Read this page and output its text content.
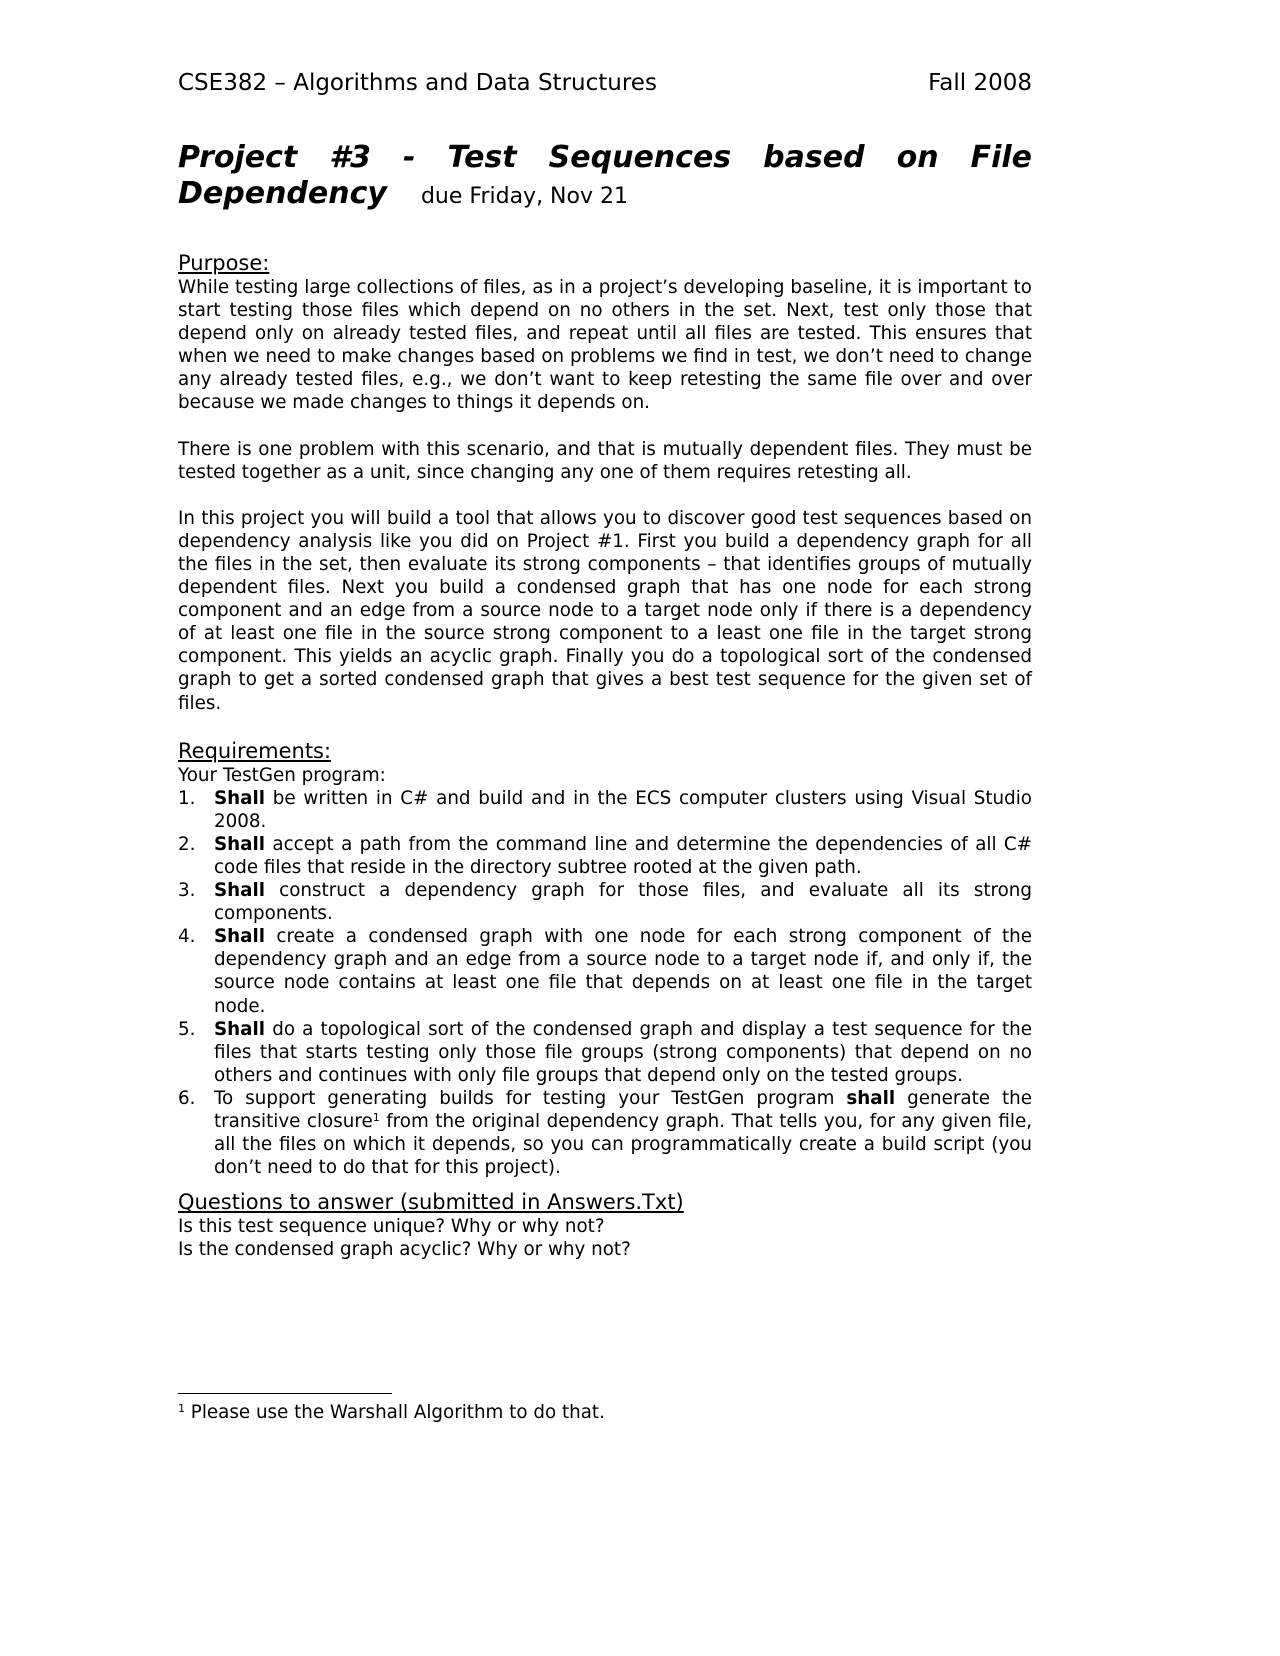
CSE382 – Algorithms and Data Structures	Fall 2008
Project #3 - Test Sequences based on File Dependency due Friday, Nov 21
Purpose:

While testing large collections of files, as in a project’s developing baseline, it is important to start testing those files which depend on no others in the set. Next, test only those that depend only on already tested files, and repeat until all files are tested. This ensures that when we need to make changes based on problems we find in test, we don’t need to change any already tested files, e.g., we don’t want to keep retesting the same file over and over because we made changes to things it depends on.

There is one problem with this scenario, and that is mutually dependent files. They must be tested together as a unit, since changing any one of them requires retesting all.

In this project you will build a tool that allows you to discover good test sequences based on dependency analysis like you did on Project #1. First you build a dependency graph for all the files in the set, then evaluate its strong components – that identifies groups of mutually dependent files. Next you build a condensed graph that has one node for each strong component and an edge from a source node to a target node only if there is a dependency of at least one file in the source strong component to a least one file in the target strong component. This yields an acyclic graph. Finally you do a topological sort of the condensed graph to get a sorted condensed graph that gives a best test sequence for the given set of files.

Requirements:
Your TestGen program:
1. Shall be written in C# and build and in the ECS computer clusters using Visual Studio 2008.
2. Shall accept a path from the command line and determine the dependencies of all C# code files that reside in the directory subtree rooted at the given path.
3. Shall construct a dependency graph for those files, and evaluate all its strong components.
4. Shall create a condensed graph with one node for each strong component of the dependency graph and an edge from a source node to a target node if, and only if, the source node contains at least one file that depends on at least one file in the target node.
5. Shall do a topological sort of the condensed graph and display a test sequence for the files that starts testing only those file groups (strong components) that depend on no others and continues with only file groups that depend only on the tested groups.
6. To support generating builds for testing your TestGen program shall generate the transitive closure$^1$ from the original dependency graph. That tells you, for any given file, all the files on which it depends, so you can programmatically create a build script (you don’t need to do that for this project).
Questions to answer (submitted in Answers.Txt)
Is this test sequence unique? Why or why not?
Is the condensed graph acyclic? Why or why not?
$^1$ Please use the Warshall Algorithm to do that.
